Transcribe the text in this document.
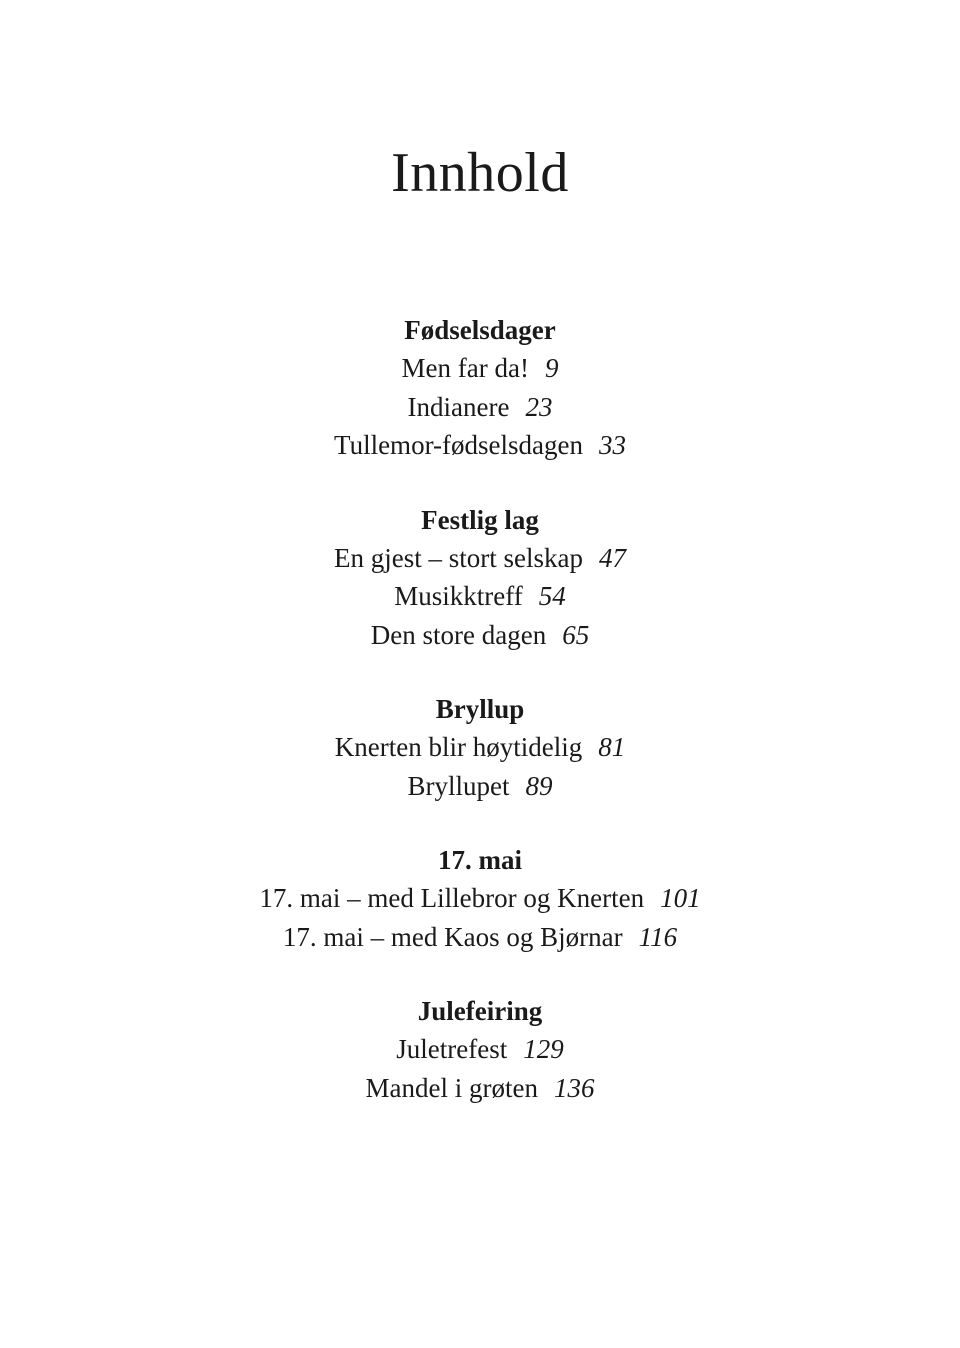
Innhold
Fødselsdager
Men far da! 9
Indianere 23
Tullemor-fødselsdagen 33
Festlig lag
En gjest – stort selskap 47
Musikktreff 54
Den store dagen 65
Bryllup
Knerten blir høytidelig 81
Bryllupet 89
17. mai
17. mai – med Lillebror og Knerten 101
17. mai – med Kaos og Bjørnar 116
Julefeiring
Juletrefest 129
Mandel i grøten 136
